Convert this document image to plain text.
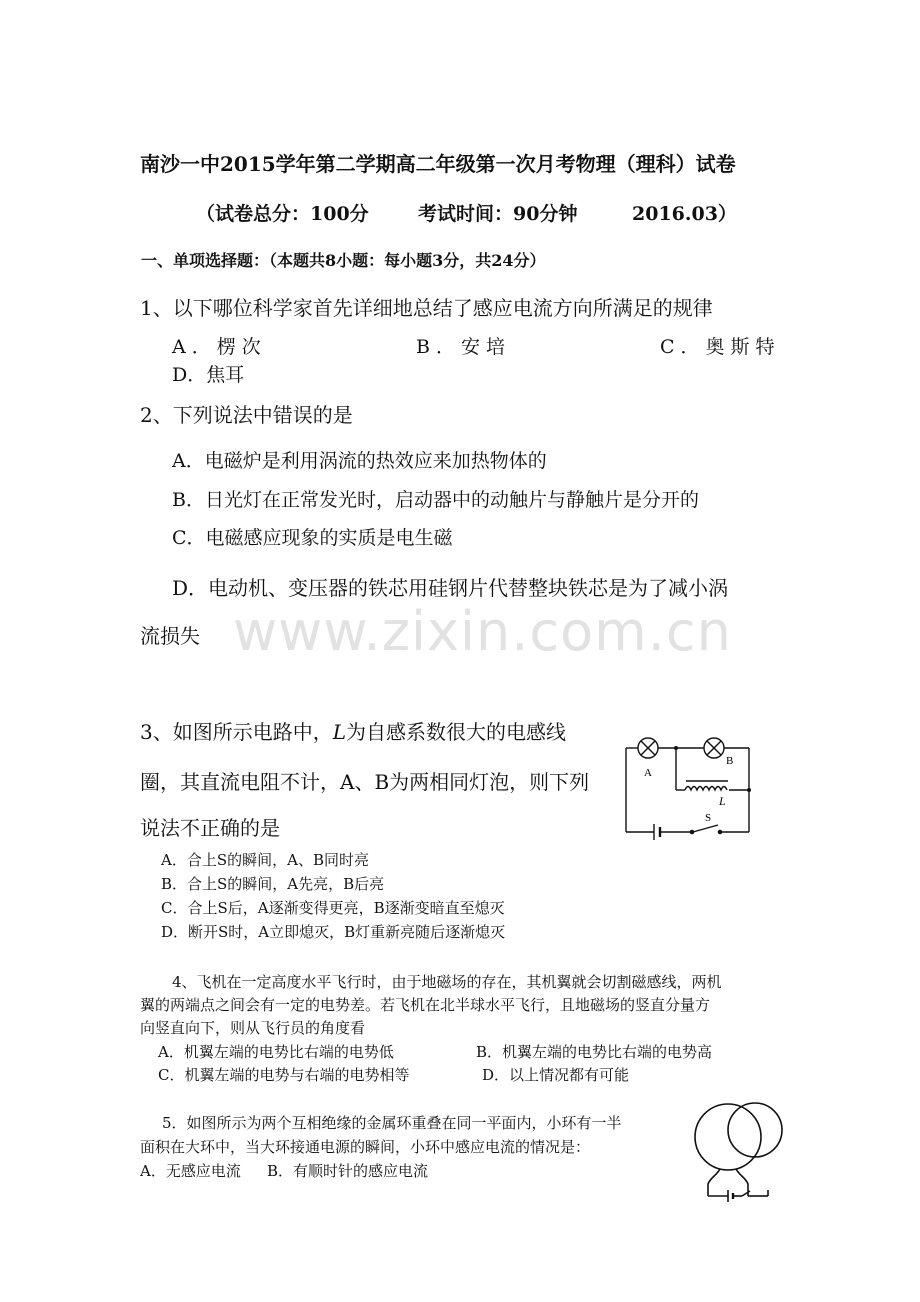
南沙一中2015学年第二学期高二年级第一次月考物理（理科）试卷
（试卷总分：100分	考试时间：90分钟	2016.03）
一、单项选择题：（本题共8小题：每小题3分，共24分）
1、以下哪位科学家首先详细地总结了感应电流方向所满足的规律
A．楞次	B．安培	C．奥斯特
D．焦耳
2、下列说法中错误的是
A．电磁炉是利用涡流的热效应来加热物体的
B．日光灯在正常发光时，启动器中的动触片与静触片是分开的
C．电磁感应现象的实质是电生磁
D．电动机、变压器的铁芯用硅钢片代替整块铁芯是为了减小涡
流损失 www.zixin.com.cn
3、如图所示电路中，L为自感系数很大的电感线
圈，其直流电阻不计，A、B为两相同灯泡，则下列
说法不正确的是
A
B
L
S
A．合上S的瞬间，A、B同时亮
B．合上S的瞬间，A先亮，B后亮
C．合上S后，A逐渐变得更亮，B逐渐变暗直至熄灭
D．断开S时，A立即熄灭，B灯重新亮随后逐渐熄灭
4、飞机在一定高度水平飞行时，由于地磁场的存在，其机翼就会切割磁感线，两机
翼的两端点之间会有一定的电势差。若飞机在北半球水平飞行，且地磁场的竖直分量方
向竖直向下，则从飞行员的角度看
A．机翼左端的电势比右端的电势低	B．机翼左端的电势比右端的电势高
C．机翼左端的电势与右端的电势相等	D．以上情况都有可能
5．如图所示为两个互相绝缘的金属环重叠在同一平面内，小环有一半
面积在大环中，当大环接通电源的瞬间，小环中感应电流的情况是：
A．无感应电流 B．有顺时针的感应电流
